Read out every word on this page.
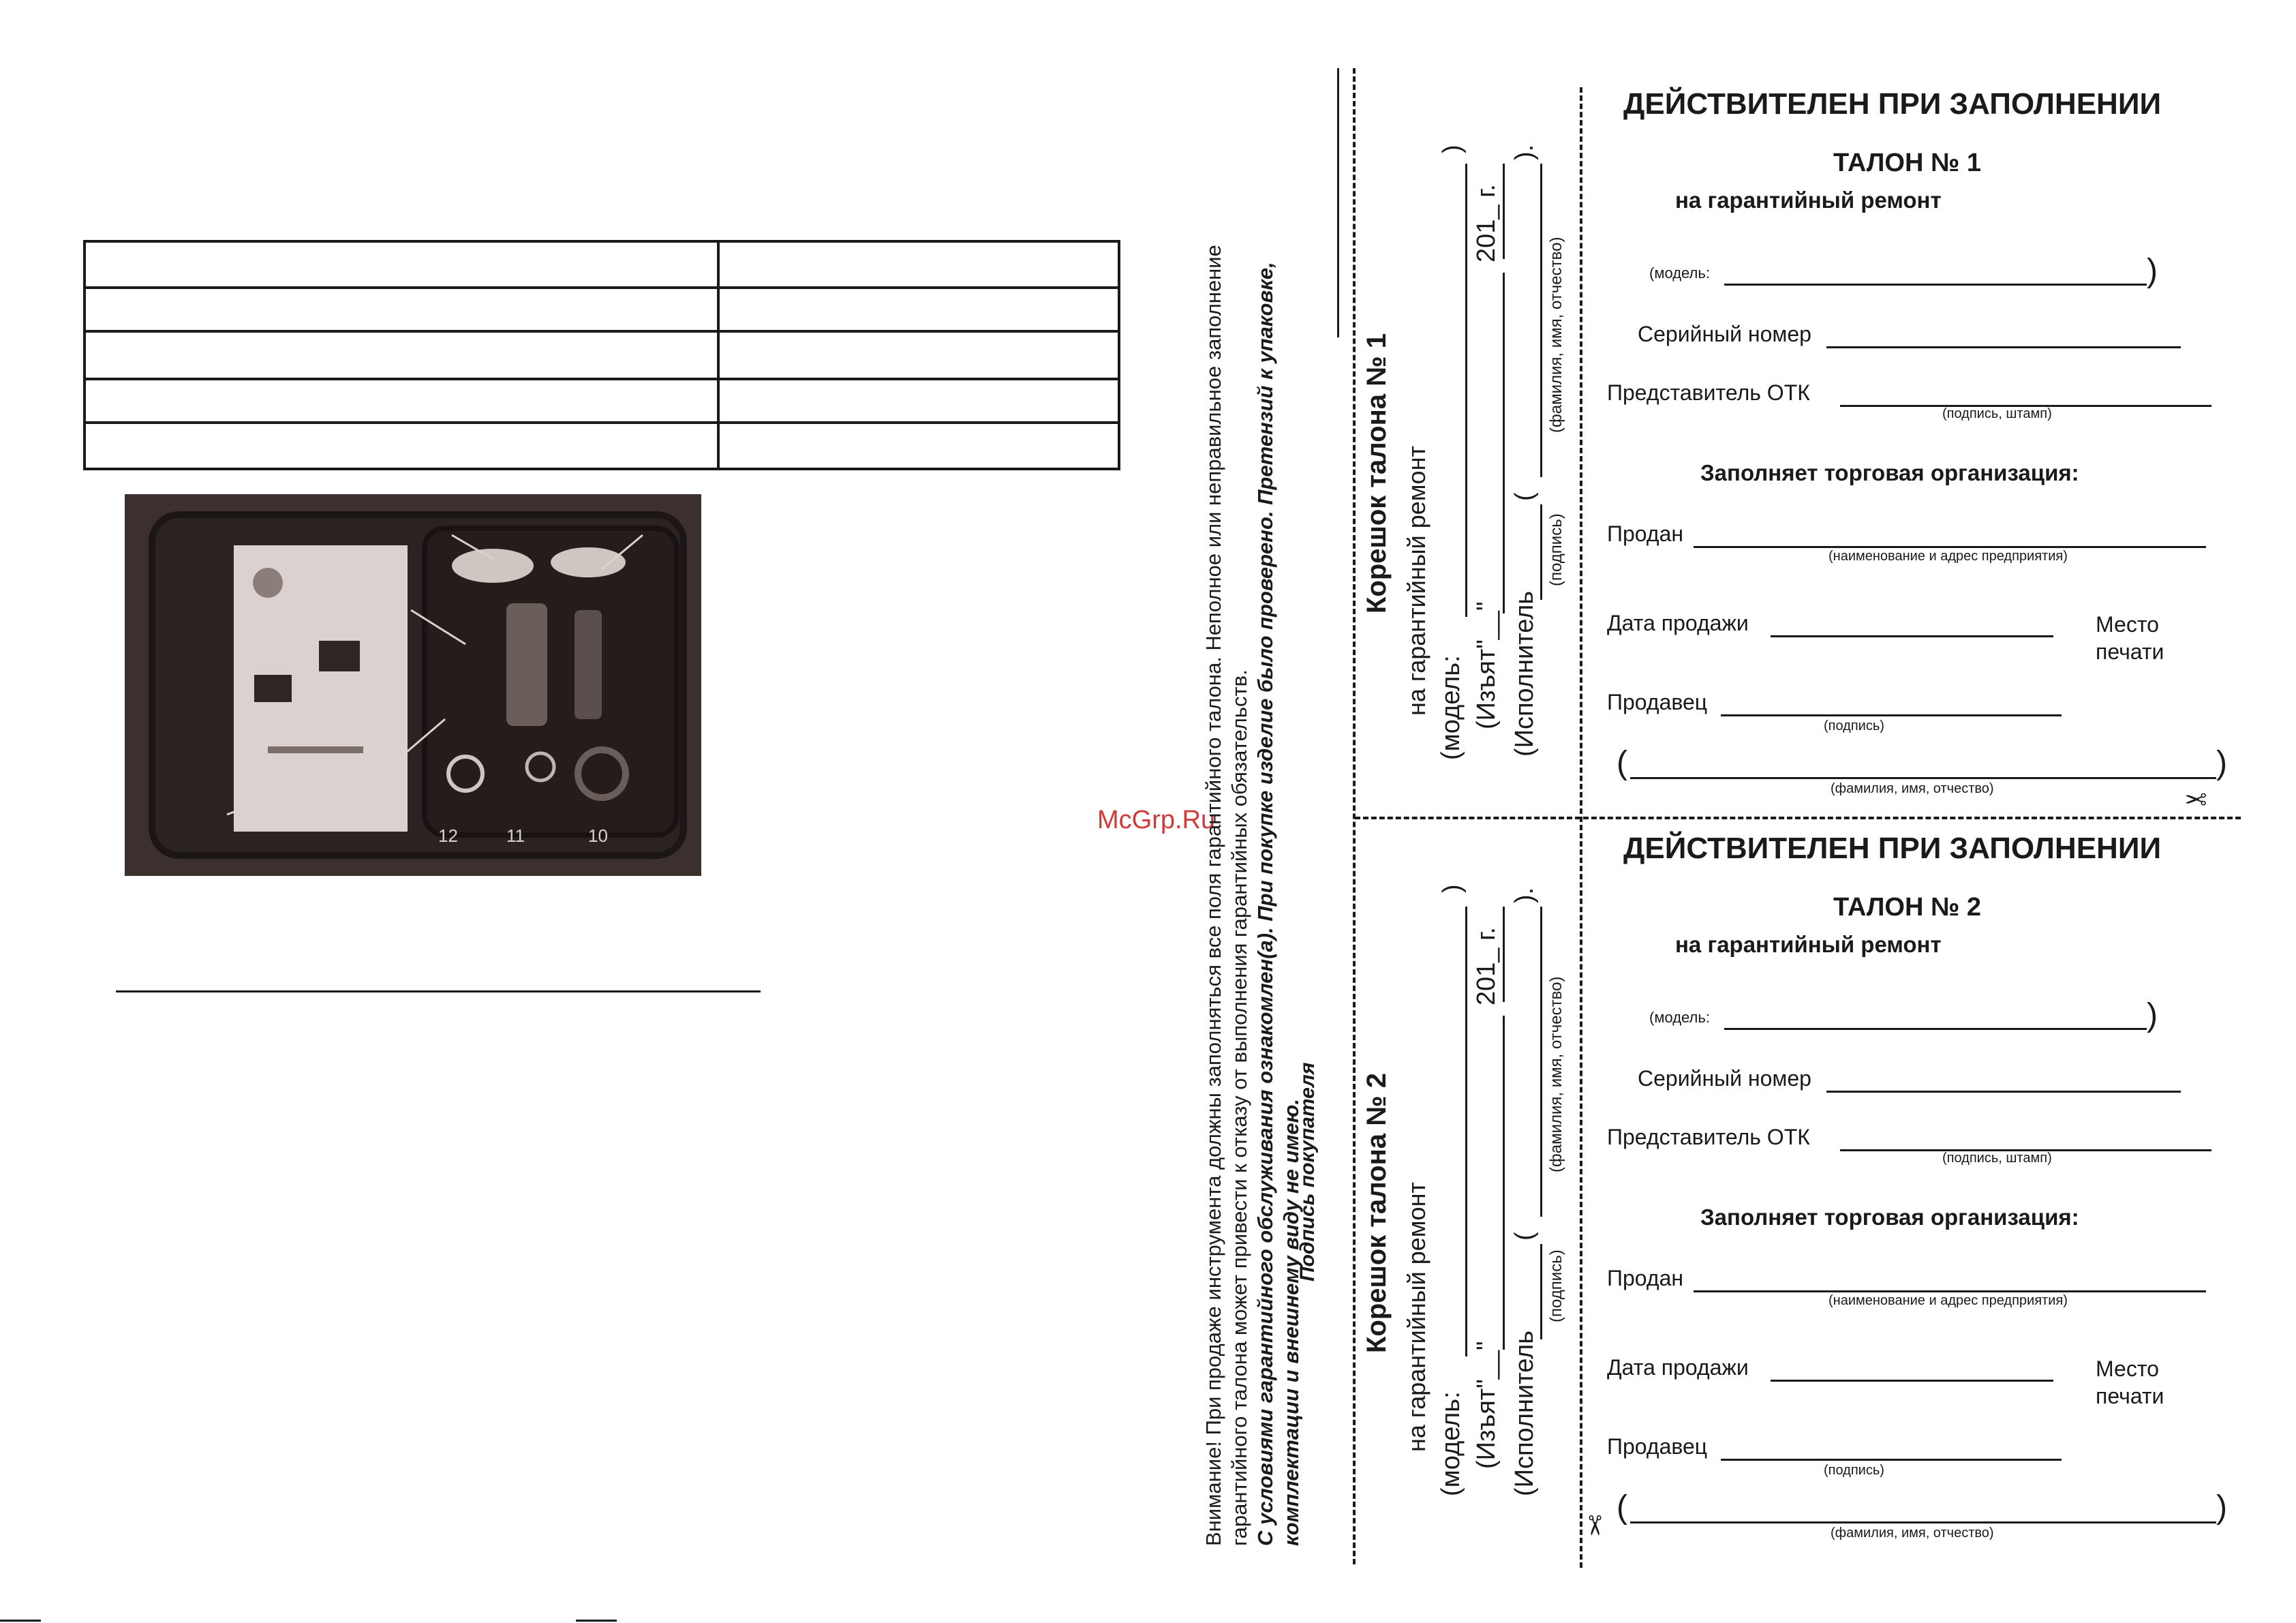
12	11	10
McGrp.Ru
Внимание! При продаже инструмента должны заполняться все поля гарантийного талона. Неполное или неправильное заполнение гарантийного талона может привести к отказу от выполнения гарантийных обязательств. С условиями гарантийного обслуживания ознакомлен(а). При покупке изделие было проверено. Претензий к упаковке, комплектации и внешнему виду не имею.
Подпись покупателя
Корешок талона № 1 на гарантийный ремонт (модель:
)
(Изъят"__"
201_ г.
(Исполнитель
(
).
(подпись)
(фамилия, имя, отчество)
Корешок талона № 2 на гарантийный ремонт (модель:
)
(Изъят"__"
201_ г.
(Исполнитель
(
).
(подпись)
(фамилия, имя, отчество)
ДЕЙСТВИТЕЛЕН ПРИ ЗАПОЛНЕНИИ
ТАЛОН № 1
на гарантийный ремонт
(модель:	)
Серийный номер
Представитель ОТК
(подпись, штамп)
Заполняет торговая организация:
Продан
(наименование и адрес предприятия)
Дата продажи	Место
печати
Продавец
(подпись)
(	)
(фамилия, имя, отчество)	✂
ДЕЙСТВИТЕЛЕН ПРИ ЗАПОЛНЕНИИ
ТАЛОН № 2
на гарантийный ремонт
(модель:	)
Серийный номер
Представитель ОТК
(подпись, штамп)
Заполняет торговая организация:
Продан
(наименование и адрес предприятия)
Дата продажи	Место
печати
Продавец
(подпись)
(	)
(фамилия, имя, отчество)
✂
